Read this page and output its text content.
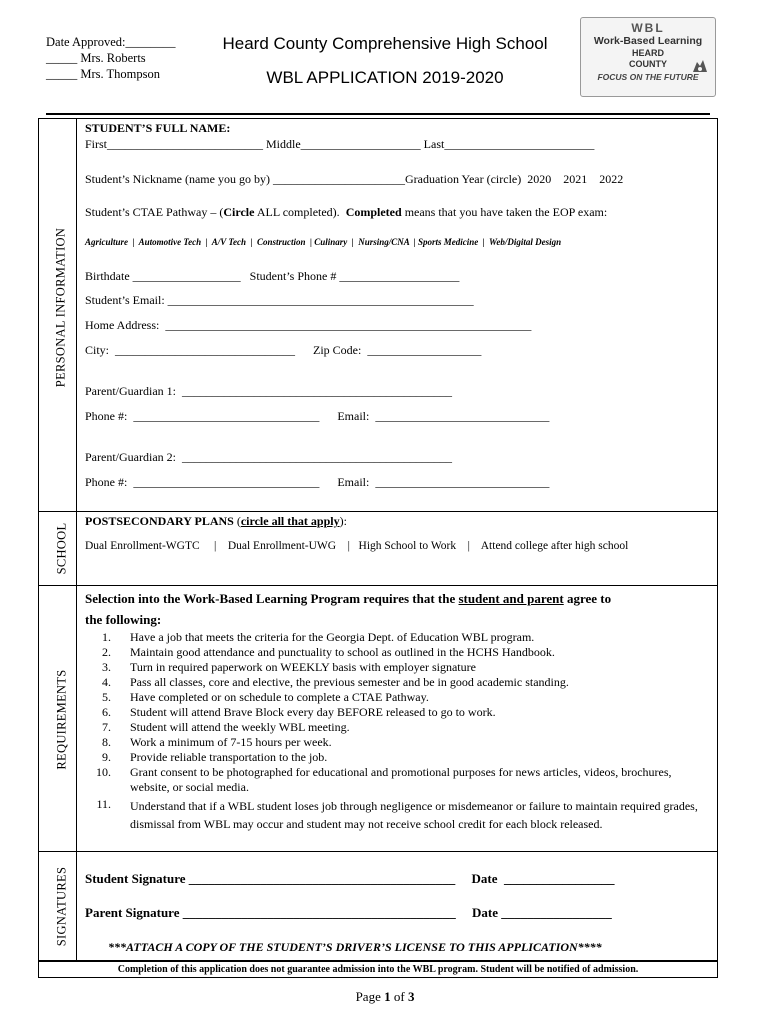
Date Approved:________
_____ Mrs. Roberts
_____ Mrs. Thompson
Heard County Comprehensive High School
WBL APPLICATION 2019-2020
WBL
Work-Based Learning
HEARD
COUNTY
FOCUS ON THE FUTURE
PERSONAL INFORMATION
SCHOOL
REQUIREMENTS
SIGNATURES
STUDENT’S FULL NAME:
First__________________________ Middle____________________ Last_________________________
Student’s Nickname (name you go by) ______________________Graduation Year (circle)  2020    2021    2022
Student’s CTAE Pathway – (Circle ALL completed).  Completed means that you have taken the EOP exam:
Agriculture  |  Automotive Tech  |  A/V Tech  |  Construction  | Culinary  |  Nursing/CNA  | Sports Medicine  |  Web/Digital Design
Birthdate __________________   Student’s Phone # ____________________
Student’s Email: ___________________________________________________
Home Address:  _____________________________________________________________
City:  ______________________________      Zip Code:  ___________________
Parent/Guardian 1:  _____________________________________________
Phone #:  _______________________________      Email:  _____________________________
Parent/Guardian 2:  _____________________________________________
Phone #:  _______________________________      Email:  _____________________________
POSTSECONDARY PLANS (circle all that apply):
Dual Enrollment-WGTC     |    Dual Enrollment-UWG    |   High School to Work    |    Attend college after high school
Selection into the Work-Based Learning Program requires that the student and parent agree to
the following:
1. Have a job that meets the criteria for the Georgia Dept. of Education WBL program.
2. Maintain good attendance and punctuality to school as outlined in the HCHS Handbook.
3. Turn in required paperwork on WEEKLY basis with employer signature
4. Pass all classes, core and elective, the previous semester and be in good academic standing.
5. Have completed or on schedule to complete a CTAE Pathway.
6. Student will attend Brave Block every day BEFORE released to go to work.
7. Student will attend the weekly WBL meeting.
8. Work a minimum of 7-15 hours per week.
9. Provide reliable transportation to the job.
10. Grant consent to be photographed for educational and promotional purposes for news articles, videos, brochures, website, or social media.
11. Understand that if a WBL student loses job through negligence or misdemeanor or failure to maintain required grades, dismissal from WBL may occur and student may not receive school credit for each block released.
Student Signature _________________________________________     Date  _________________
Parent Signature __________________________________________     Date _________________
***ATTACH A COPY OF THE STUDENT’S DRIVER’S LICENSE TO THIS APPLICATION****
Completion of this application does not guarantee admission into the WBL program. Student will be notified of admission.
Page 1 of 3
